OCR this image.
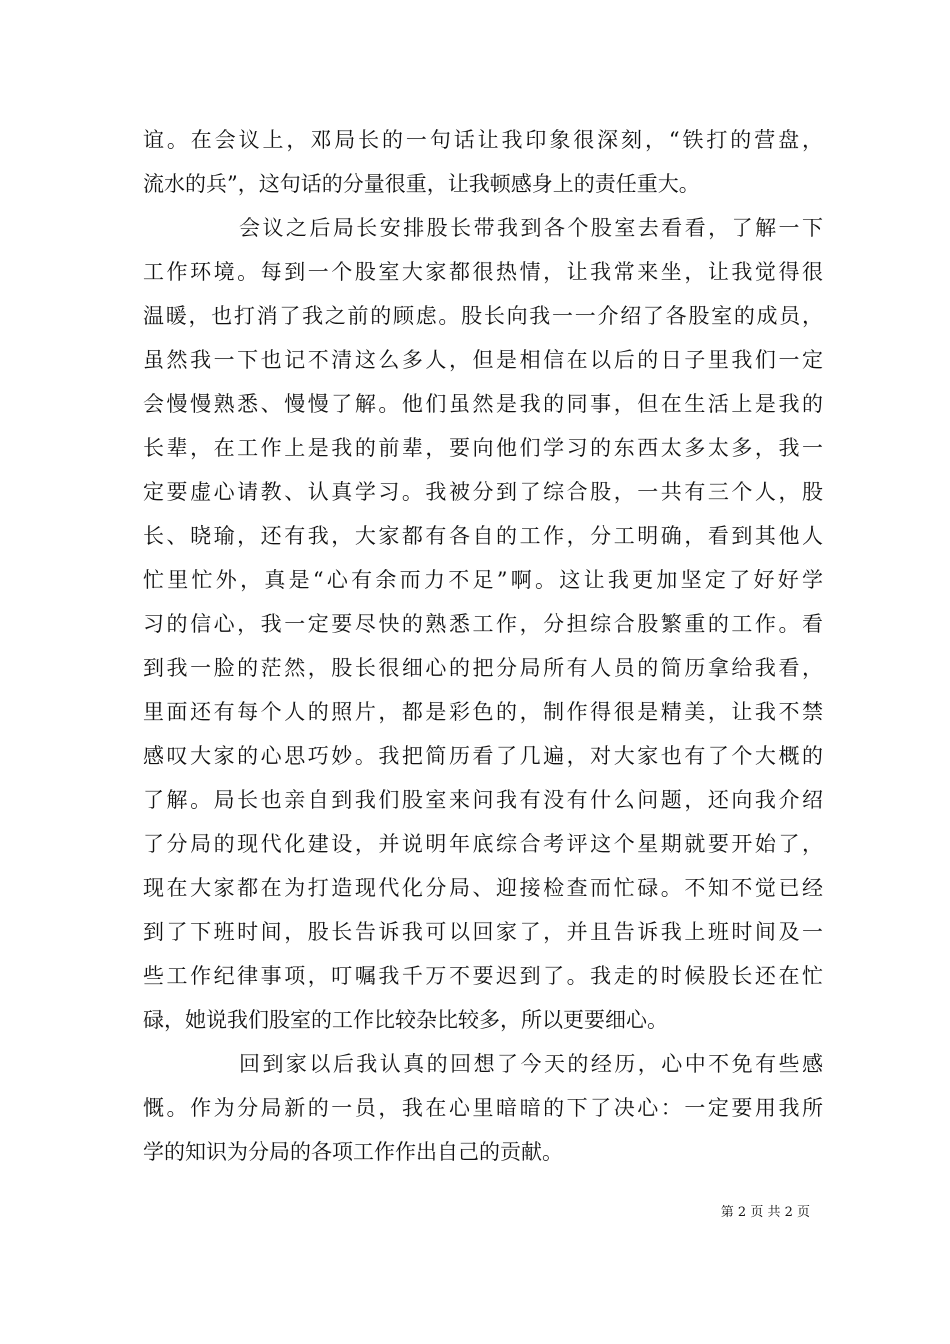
谊。在会议上，邓局长的一句话让我印象很深刻，“铁打的营盘，
流水的兵”，这句话的分量很重，让我顿感身上的责任重大。
会议之后局长安排股长带我到各个股室去看看，了解一下
工作环境。每到一个股室大家都很热情，让我常来坐，让我觉得很
温暖，也打消了我之前的顾虑。股长向我一一介绍了各股室的成员，
虽然我一下也记不清这么多人，但是相信在以后的日子里我们一定
会慢慢熟悉、慢慢了解。他们虽然是我的同事，但在生活上是我的
长辈，在工作上是我的前辈，要向他们学习的东西太多太多，我一
定要虚心请教、认真学习。我被分到了综合股，一共有三个人，股
长、晓瑜，还有我，大家都有各自的工作，分工明确，看到其他人
忙里忙外，真是“心有余而力不足”啊。这让我更加坚定了好好学
习的信心，我一定要尽快的熟悉工作，分担综合股繁重的工作。看
到我一脸的茫然，股长很细心的把分局所有人员的简历拿给我看，
里面还有每个人的照片，都是彩色的，制作得很是精美，让我不禁
感叹大家的心思巧妙。我把简历看了几遍，对大家也有了个大概的
了解。局长也亲自到我们股室来问我有没有什么问题，还向我介绍
了分局的现代化建设，并说明年底综合考评这个星期就要开始了，
现在大家都在为打造现代化分局、迎接检查而忙碌。不知不觉已经
到了下班时间，股长告诉我可以回家了，并且告诉我上班时间及一
些工作纪律事项，叮嘱我千万不要迟到了。我走的时候股长还在忙
碌，她说我们股室的工作比较杂比较多，所以更要细心。
回到家以后我认真的回想了今天的经历，心中不免有些感
慨。作为分局新的一员，我在心里暗暗的下了决心：一定要用我所
学的知识为分局的各项工作作出自己的贡献。
第 2 页 共 2 页
